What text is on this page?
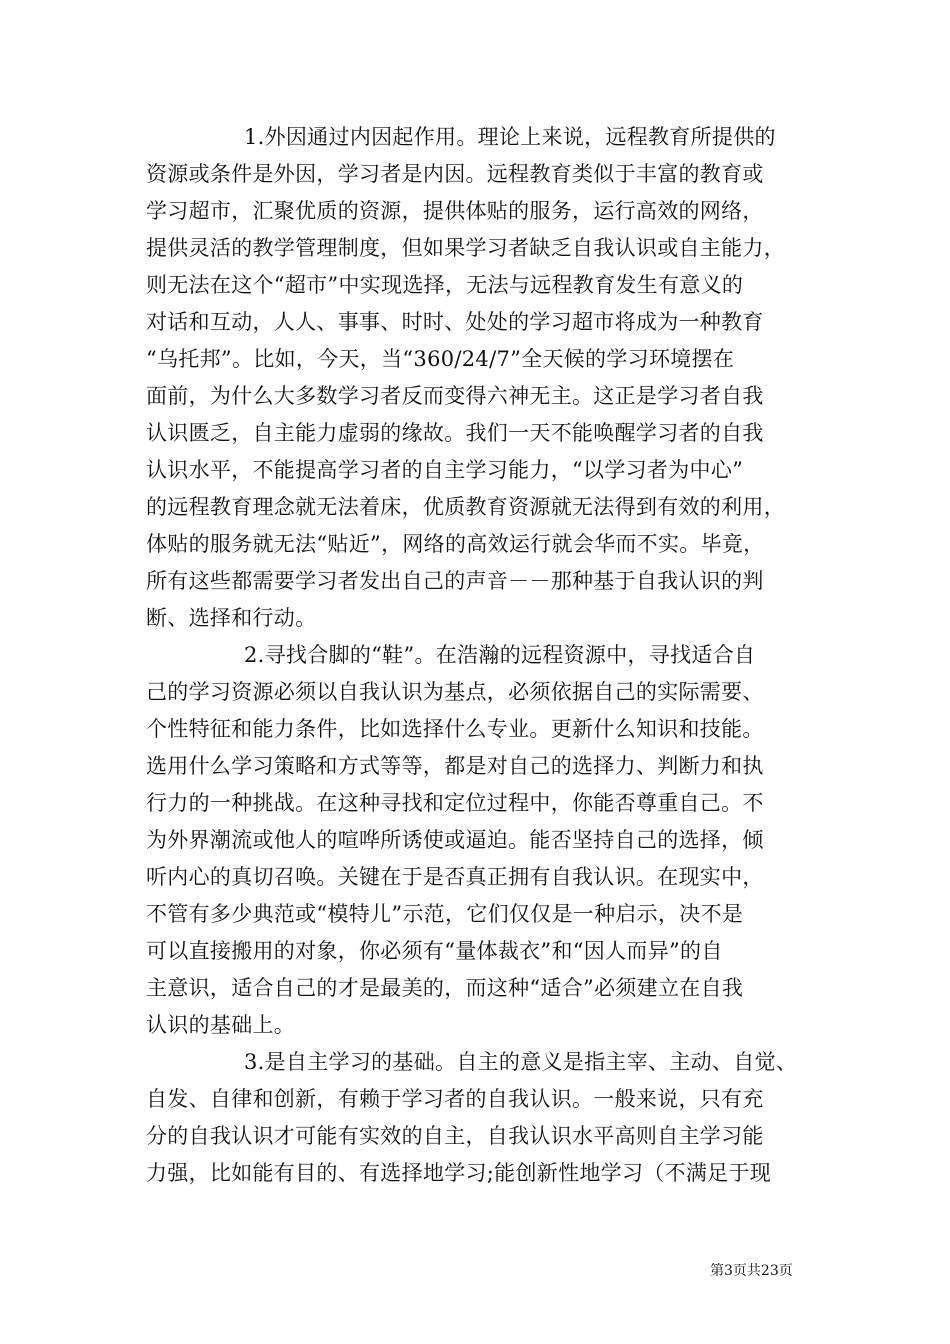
1.外因通过内因起作用。理论上来说，远程教育所提供的
资源或条件是外因，学习者是内因。远程教育类似于丰富的教育或
学习超市，汇聚优质的资源，提供体贴的服务，运行高效的网络，
提供灵活的教学管理制度，但如果学习者缺乏自我认识或自主能力，
则无法在这个“超市”中实现选择，无法与远程教育发生有意义的
对话和互动，人人、事事、时时、处处的学习超市将成为一种教育
“乌托邦”。比如，今天，当“360/24/7”全天候的学习环境摆在
面前，为什么大多数学习者反而变得六神无主。这正是学习者自我
认识匮乏，自主能力虚弱的缘故。我们一天不能唤醒学习者的自我
认识水平，不能提高学习者的自主学习能力，“以学习者为中心”
的远程教育理念就无法着床，优质教育资源就无法得到有效的利用，
体贴的服务就无法“贴近”，网络的高效运行就会华而不实。毕竟，
所有这些都需要学习者发出自己的声音－－那种基于自我认识的判
断、选择和行动。
2.寻找合脚的“鞋”。在浩瀚的远程资源中，寻找适合自
己的学习资源必须以自我认识为基点，必须依据自己的实际需要、
个性特征和能力条件，比如选择什么专业。更新什么知识和技能。
选用什么学习策略和方式等等，都是对自己的选择力、判断力和执
行力的一种挑战。在这种寻找和定位过程中，你能否尊重自己。不
为外界潮流或他人的喧哗所诱使或逼迫。能否坚持自己的选择，倾
听内心的真切召唤。关键在于是否真正拥有自我认识。在现实中，
不管有多少典范或“模特儿”示范，它们仅仅是一种启示，决不是
可以直接搬用的对象，你必须有“量体裁衣”和“因人而异”的自
主意识，适合自己的才是最美的，而这种“适合”必须建立在自我
认识的基础上。
3.是自主学习的基础。自主的意义是指主宰、主动、自觉、
自发、自律和创新，有赖于学习者的自我认识。一般来说，只有充
分的自我认识才可能有实效的自主，自我认识水平高则自主学习能
力强，比如能有目的、有选择地学习;能创新性地学习（不满足于现
第3页共23页
